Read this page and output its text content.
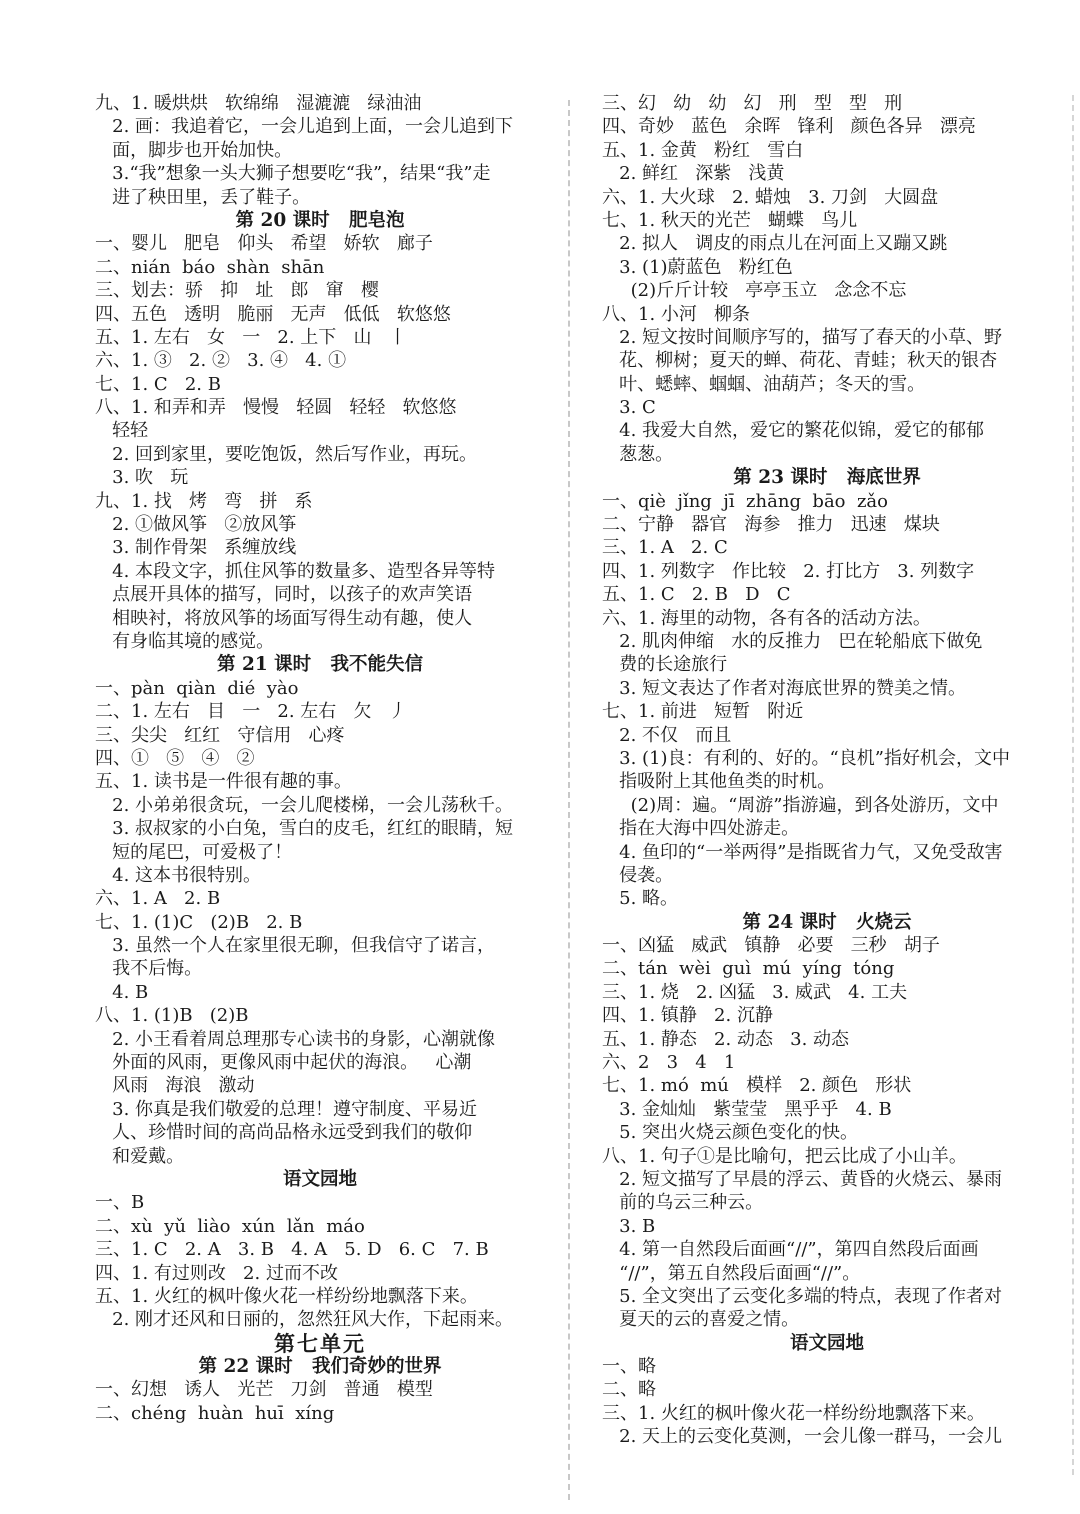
九、1. 暖烘烘   软绵绵   湿漉漉   绿油油
2. 画：我追着它，一会儿追到上面，一会儿追到下
面，脚步也开始加快。
3.“我”想象一头大狮子想要吃“我”，结果“我”走
进了秧田里，丢了鞋子。
第 20 课时   肥皂泡
一、婴儿   肥皂   仰头   希望   娇软   廊子
二、nián  báo  shàn  shān
三、划去：骄   抑   址   郎   窜   樱
四、五色   透明   脆丽   无声   低低   软悠悠
五、1. 左右   女   一   2. 上下   山   丨
六、1. ③   2. ②   3. ④   4. ①
七、1. C   2. B
八、1. 和弄和弄   慢慢   轻圆   轻轻   软悠悠
轻轻
2. 回到家里，要吃饱饭，然后写作业，再玩。
3. 吹   玩
九、1. 找   烤   弯   拼   系
2. ①做风筝   ②放风筝
3. 制作骨架   系缠放线
4. 本段文字，抓住风筝的数量多、造型各异等特
点展开具体的描写，同时，以孩子的欢声笑语
相映衬，将放风筝的场面写得生动有趣，使人
有身临其境的感觉。
第 21 课时   我不能失信
一、pàn  qiàn  dié  yào
二、1. 左右   目   一   2. 左右   欠   丿
三、尖尖   红红   守信用   心疼
四、①   ⑤   ④   ②
五、1. 读书是一件很有趣的事。
2. 小弟弟很贪玩，一会儿爬楼梯，一会儿荡秋千。
3. 叔叔家的小白兔，雪白的皮毛，红红的眼睛，短
短的尾巴，可爱极了！
4. 这本书很特别。
六、1. A   2. B
七、1. (1)C   (2)B   2. B
3. 虽然一个人在家里很无聊，但我信守了诺言，
我不后悔。
4. B
八、1. (1)B   (2)B
2. 小王看着周总理那专心读书的身影，心潮就像
外面的风雨，更像风雨中起伏的海浪。   心潮
风雨   海浪   激动
3. 你真是我们敬爱的总理！遵守制度、平易近
人、珍惜时间的高尚品格永远受到我们的敬仰
和爱戴。
语文园地
一、B
二、xù  yǔ  liào  xún  lǎn  máo
三、1. C   2. A   3. B   4. A   5. D   6. C   7. B
四、1. 有过则改   2. 过而不改
五、1. 火红的枫叶像火花一样纷纷地飘落下来。
2. 刚才还风和日丽的，忽然狂风大作，下起雨来。
第七单元
第 22 课时   我们奇妙的世界
一、幻想   诱人   光芒   刀剑   普通   模型
二、chéng  huàn  huī  xíng
三、幻   幼   幼   幻   刑   型   型   刑
四、奇妙   蓝色   余晖   锋利   颜色各异   漂亮
五、1. 金黄   粉红   雪白
2. 鲜红   深紫   浅黄
六、1. 大火球   2. 蜡烛   3. 刀剑   大圆盘
七、1. 秋天的光芒   蝴蝶   鸟儿
2. 拟人   调皮的雨点儿在河面上又蹦又跳
3. (1)蔚蓝色   粉红色
(2)斤斤计较   亭亭玉立   念念不忘
八、1. 小河   柳条
2. 短文按时间顺序写的，描写了春天的小草、野
花、柳树；夏天的蝉、荷花、青蛙；秋天的银杏
叶、蟋蟀、蝈蝈、油葫芦；冬天的雪。
3. C
4. 我爱大自然，爱它的繁花似锦，爱它的郁郁
葱葱。
第 23 课时   海底世界
一、qiè  jǐng  jī  zhāng  bāo  zǎo
二、宁静   器官   海参   推力   迅速   煤块
三、1. A   2. C
四、1. 列数字   作比较   2. 打比方   3. 列数字
五、1. C   2. B   D   C
六、1. 海里的动物，各有各的活动方法。
2. 肌肉伸缩   水的反推力   巴在轮船底下做免
费的长途旅行
3. 短文表达了作者对海底世界的赞美之情。
七、1. 前进   短暂   附近
2. 不仅   而且
3. (1)良：有利的、好的。“良机”指好机会，文中
指吸附上其他鱼类的时机。
(2)周：遍。“周游”指游遍，到各处游历，文中
指在大海中四处游走。
4. 鱼印的“一举两得”是指既省力气，又免受敌害
侵袭。
5. 略。
第 24 课时   火烧云
一、凶猛   威武   镇静   必要   三秒   胡子
二、tán  wèi  guì  mú  yíng  tóng
三、1. 烧   2. 凶猛   3. 威武   4. 工夫
四、1. 镇静   2. 沉静
五、1. 静态   2. 动态   3. 动态
六、2   3   4   1
七、1. mó  mú   模样   2. 颜色   形状
3. 金灿灿   紫莹莹   黑乎乎   4. B
5. 突出火烧云颜色变化的快。
八、1. 句子①是比喻句，把云比成了小山羊。
2. 短文描写了早晨的浮云、黄昏的火烧云、暴雨
前的乌云三种云。
3. B
4. 第一自然段后面画“//”，第四自然段后面画
“//”，第五自然段后面画“//”。
5. 全文突出了云变化多端的特点，表现了作者对
夏天的云的喜爱之情。
语文园地
一、略
二、略
三、1. 火红的枫叶像火花一样纷纷地飘落下来。
2. 天上的云变化莫测，一会儿像一群马，一会儿
